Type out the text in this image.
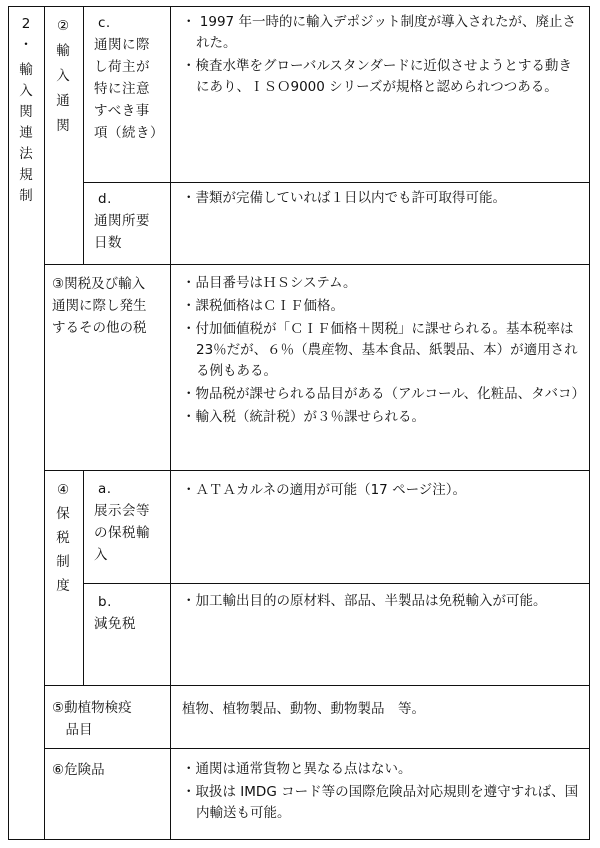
2
・
輸
入
関
連
法
規
制
②
輸
入
通
関
c.
通関に際
し荷主が
特に注意
すべき事
項（続き）
・ 1997 年一時的に輸入デポジット制度が導入されたが、廃止された。
・検査水準をグローバルスタンダードに近似させようとする動きにあり、ＩＳＯ9000 シリーズが規格と認められつつある。
d.
通関所要
日数
・書類が完備していれば１日以内でも許可取得可能。
③関税及び輸入
通関に際し発生
するその他の税
・品目番号はＨＳシステム。
・課税価格はＣＩＦ価格。
・付加価値税が「ＣＩＦ価格＋関税」に課せられる。基本税率は 23％だが、６％（農産物、基本食品、紙製品、本）が適用される例もある。
・物品税が課せられる品目がある（アルコール、化粧品、タバコ）
・輸入税（統計税）が３％課せられる。
④
保
税
制
度
a.
展示会等
の保税輸
入
・ＡＴＡカルネの適用が可能（17 ページ注）。
b.
減免税
・加工輸出目的の原材料、部品、半製品は免税輸入が可能。
⑤動植物検疫
　品目
植物、植物製品、動物、動物製品　等。
⑥危険品	・通関は通常貨物と異なる点はない。
・取扱は IMDG コード等の国際危険品対応規則を遵守すれば、国内輸送も可能。
